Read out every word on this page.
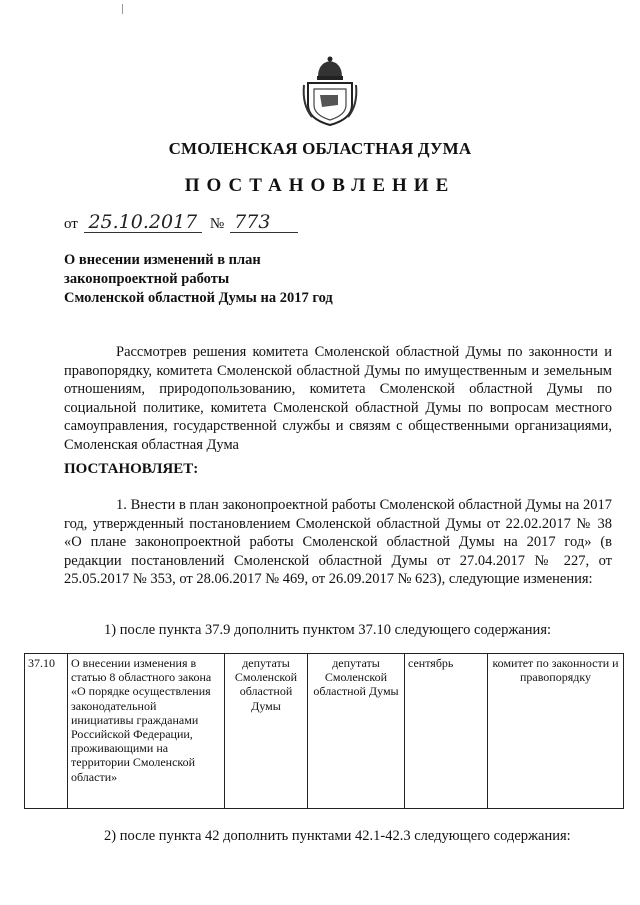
СМОЛЕНСКАЯ ОБЛАСТНАЯ ДУМА
ПОСТАНОВЛЕНИЕ
от 25.10.2017 № 773
О внесении изменений в план
законопроектной работы
Смоленской областной Думы на 2017 год
Рассмотрев решения комитета Смоленской областной Думы по законности и правопорядку, комитета Смоленской областной Думы по имущественным и земельным отношениям, природопользованию, комитета Смоленской областной Думы по социальной политике, комитета Смоленской областной Думы по вопросам местного самоуправления, государственной службы и связям с общественными организациями, Смоленская областная Дума
ПОСТАНОВЛЯЕТ:
1. Внести в план законопроектной работы Смоленской областной Думы на 2017 год, утвержденный постановлением Смоленской областной Думы от 22.02.2017 № 38 «О плане законопроектной работы Смоленской областной Думы на 2017 год» (в редакции постановлений Смоленской областной Думы от 27.04.2017 № 227, от 25.05.2017 № 353, от 28.06.2017 № 469, от 26.09.2017 № 623), следующие изменения:
1) после пункта 37.9 дополнить пунктом 37.10 следующего содержания:
37.10	О внесении изменения в статью 8 областного закона «О порядке осуществления законодательной инициативы гражданами Российской Федерации, проживающими на территории Смоленской области»	депутаты Смоленской областной Думы	депутаты Смоленской областной Думы	сентябрь	комитет по законности и правопорядку
2) после пункта 42 дополнить пунктами 42.1-42.3 следующего содержания:
